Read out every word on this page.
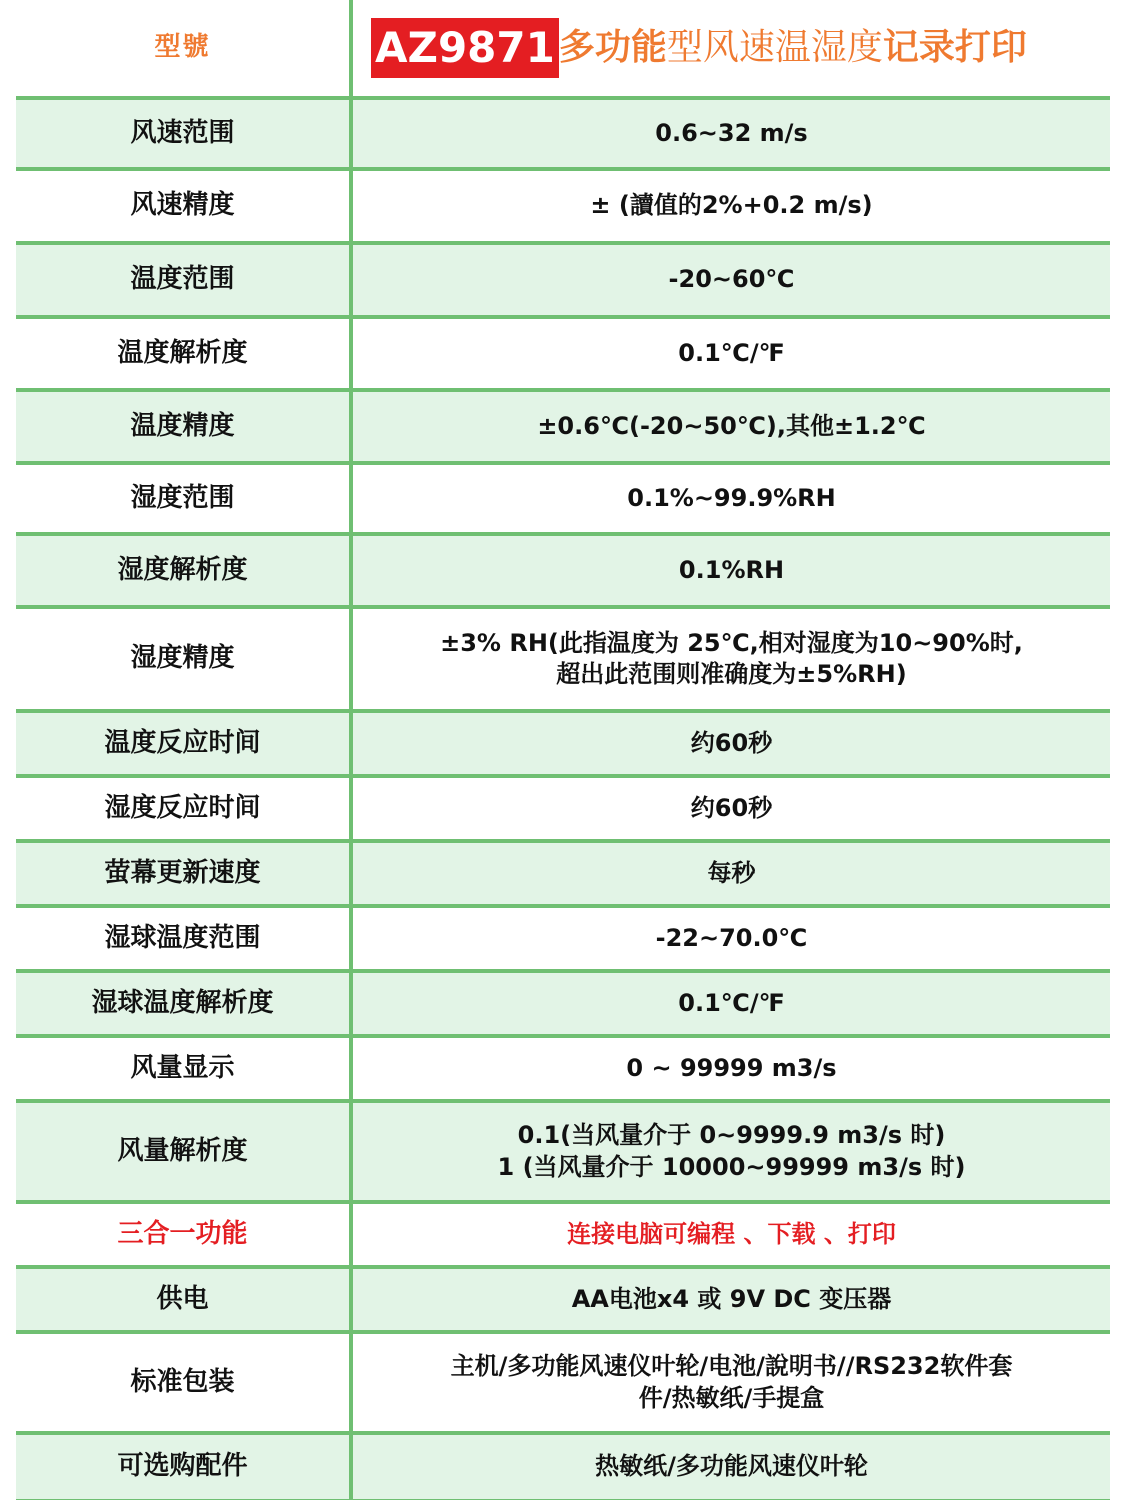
型號	AZ9871 多功能型风速温湿度记录打印
风速范围	0.6~32 m/s
风速精度	± (讀值的2%+0.2 m/s)
温度范围	-20~60℃
温度解析度	0.1℃/℉
温度精度	±0.6℃(-20~50℃),其他±1.2℃
湿度范围	0.1%~99.9%RH
湿度解析度	0.1%RH
湿度精度	±3% RH(此指温度为 25℃,相对湿度为10~90%时,
超出此范围则准确度为±5%RH)

温度反应时间	约60秒
湿度反应时间	约60秒
萤幕更新速度	每秒
湿球温度范围	-22~70.0℃
湿球温度解析度	0.1℃/℉
风量显示	0 ~ 99999 m3/s
风量解析度	0.1(当风量介于 0~9999.9 m3/s 时)
1 (当风量介于 10000~99999 m3/s 时)

三合一功能	连接电脑可编程 、下载 、打印
供电	AA电池x4 或 9V DC 变压器
标准包装	主机/多功能风速仪叶轮/电池/說明书//RS232软件套
件/热敏纸/手提盒

可选购配件	热敏纸/多功能风速仪叶轮
